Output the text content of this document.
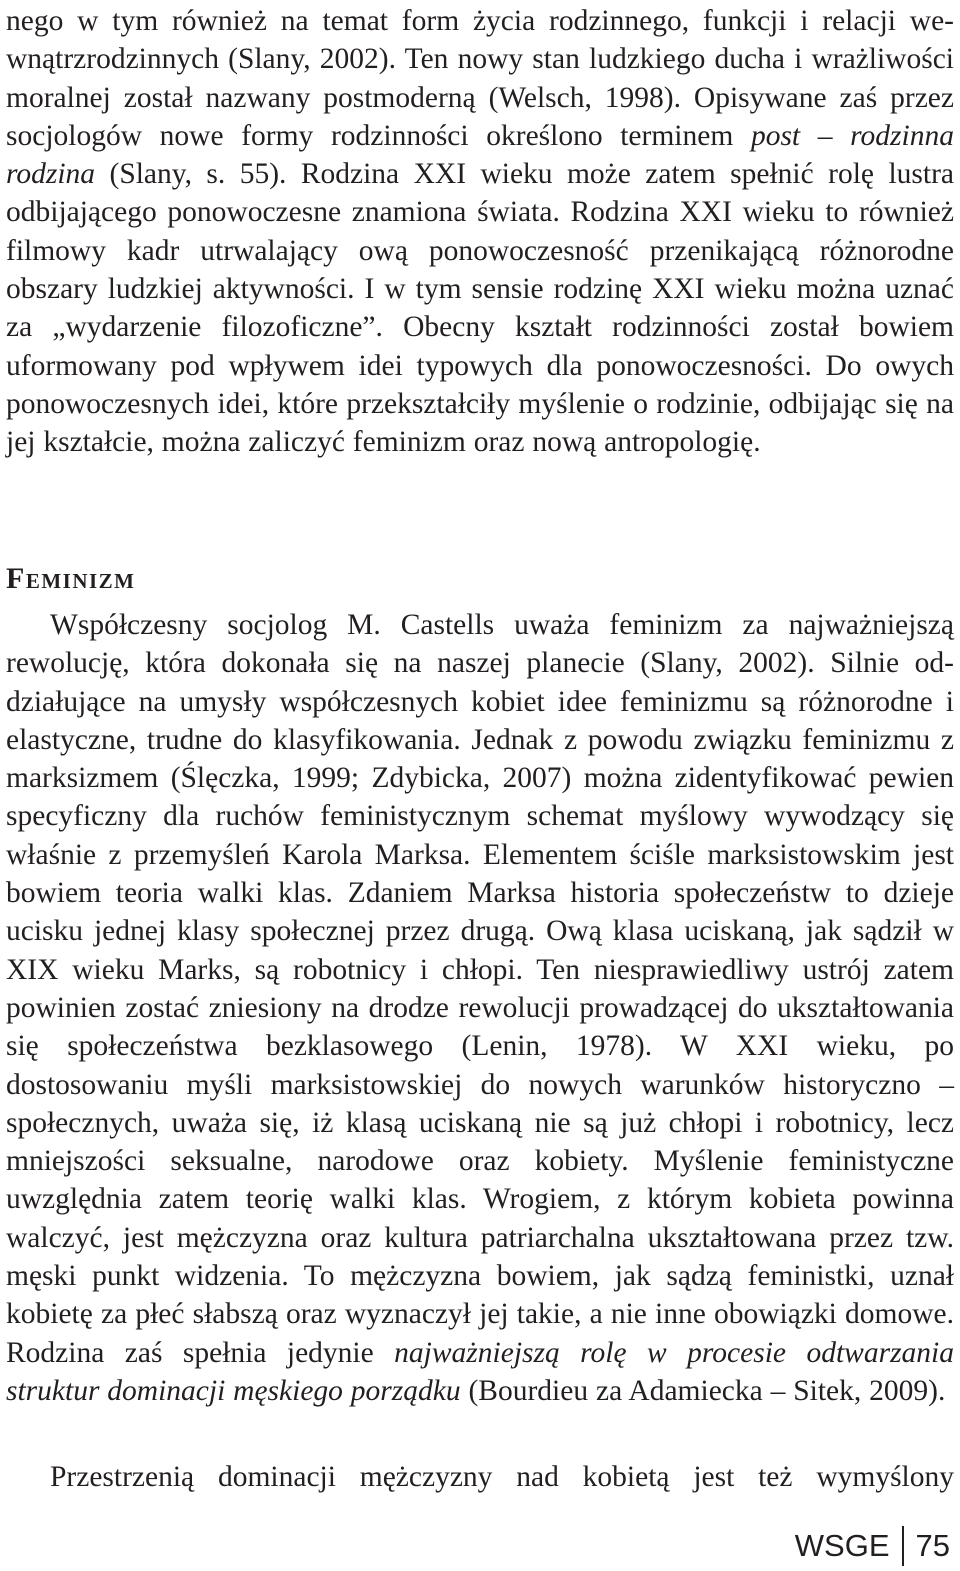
nego w tym również na temat form życia rodzinnego, funkcji i relacji wewnątrzrodzinnych (Slany, 2002). Ten nowy stan ludzkiego ducha i wrażliwości moralnej został nazwany postmoderną (Welsch, 1998). Opisywane zaś przez socjologów nowe formy rodzinności określono terminem post – rodzinna rodzina (Slany, s. 55). Rodzina XXI wieku może zatem spełnić rolę lustra odbijającego ponowoczesne znamiona świata. Rodzina XXI wieku to również filmowy kadr utrwalający ową ponowoczesność przenikającą różnorodne obszary ludzkiej aktywności. I w tym sensie rodzinę XXI wieku można uznać za „wydarzenie filozoficzne”. Obecny kształt rodzinności został bowiem uformowany pod wpływem idei typowych dla ponowoczesności. Do owych ponowoczesnych idei, które przekształciły myślenie o rodzinie, odbijając się na jej kształcie, można zaliczyć feminizm oraz nową antropologię.

Feminizm

Współczesny socjolog M. Castells uważa feminizm za najważniejszą rewolucję, która dokonała się na naszej planecie (Slany, 2002). Silnie oddziałujące na umysły współczesnych kobiet idee feminizmu są różnorodne i elastyczne, trudne do klasyfikowania. Jednak z powodu związku feminizmu z marksizmem (Ślęczka, 1999; Zdybicka, 2007) można zidentyfikować pewien specyficzny dla ruchów feministycznym schemat myślowy wywodzący się właśnie z przemyśleń Karola Marksa. Elementem ściśle marksistowskim jest bowiem teoria walki klas. Zdaniem Marksa historia społeczeństw to dzieje ucisku jednej klasy społecznej przez drugą. Ową klasa uciskaną, jak sądził w XIX wieku Marks, są robotnicy i chłopi. Ten niesprawiedliwy ustrój zatem powinien zostać zniesiony na drodze rewolucji prowadzącej do ukształtowania się społeczeństwa bezklasowego (Lenin, 1978). W XXI wieku, po dostosowaniu myśli marksistowskiej do nowych warunków historyczno – społecznych, uważa się, iż klasą uciskaną nie są już chłopi i robotnicy, lecz mniejszości seksualne, narodowe oraz kobiety. Myślenie feministyczne uwzględnia zatem teorię walki klas. Wrogiem, z którym kobieta powinna walczyć, jest mężczyzna oraz kultura patriarchalna ukształtowana przez tzw. męski punkt widzenia. To mężczyzna bowiem, jak sądzą feministki, uznał kobietę za płeć słabszą oraz wyznaczył jej takie, a nie inne obowiązki domowe. Rodzina zaś spełnia jedynie najważniejszą rolę w procesie odtwarzania struktur dominacji męskiego porządku (Bourdieu za Adamiecka – Sitek, 2009).

Przestrzenią dominacji mężczyzny nad kobietą jest też wymyślony

WSGE 75
